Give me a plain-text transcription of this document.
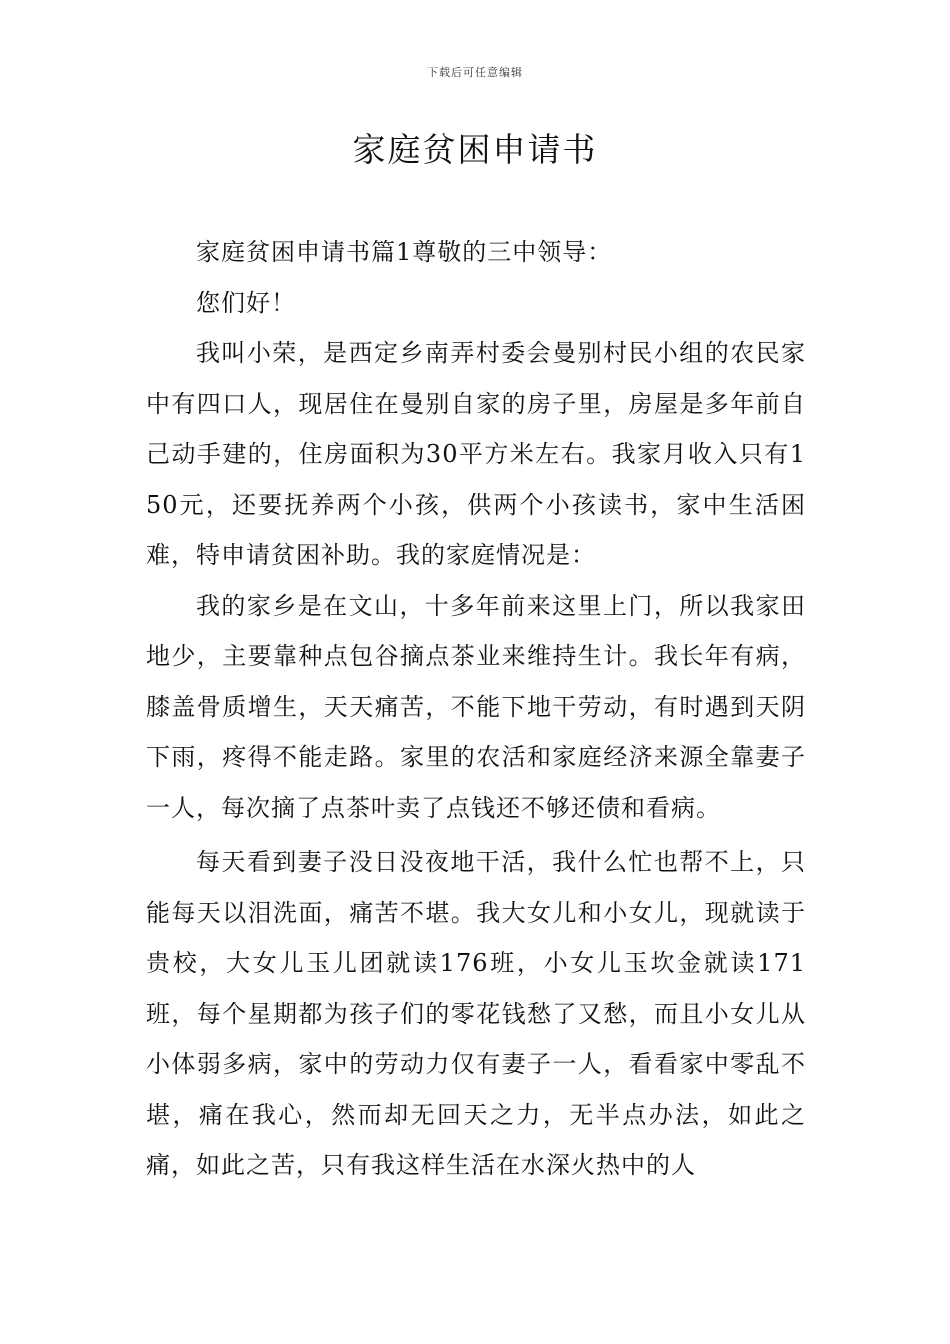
下载后可任意编辑
家庭贫困申请书

家庭贫困申请书篇1尊敬的三中领导：

您们好！

我叫小荣，是西定乡南弄村委会曼别村民小组的农民家中有四口人，现居住在曼别自家的房子里，房屋是多年前自己动手建的，住房面积为30平方米左右。我家月收入只有150元，还要抚养两个小孩，供两个小孩读书，家中生活困难，特申请贫困补助。我的家庭情况是：

我的家乡是在文山，十多年前来这里上门，所以我家田地少，主要靠种点包谷摘点茶业来维持生计。我长年有病，膝盖骨质增生，天天痛苦，不能下地干劳动，有时遇到天阴下雨，疼得不能走路。家里的农活和家庭经济来源全靠妻子一人，每次摘了点茶叶卖了点钱还不够还债和看病。

每天看到妻子没日没夜地干活，我什么忙也帮不上，只能每天以泪洗面，痛苦不堪。我大女儿和小女儿，现就读于贵校，大女儿玉儿团就读176班，小女儿玉坎金就读171班，每个星期都为孩子们的零花钱愁了又愁，而且小女儿从小体弱多病，家中的劳动力仅有妻子一人，看看家中零乱不堪，痛在我心，然而却无回天之力，无半点办法，如此之痛，如此之苦，只有我这样生活在水深火热中的人
